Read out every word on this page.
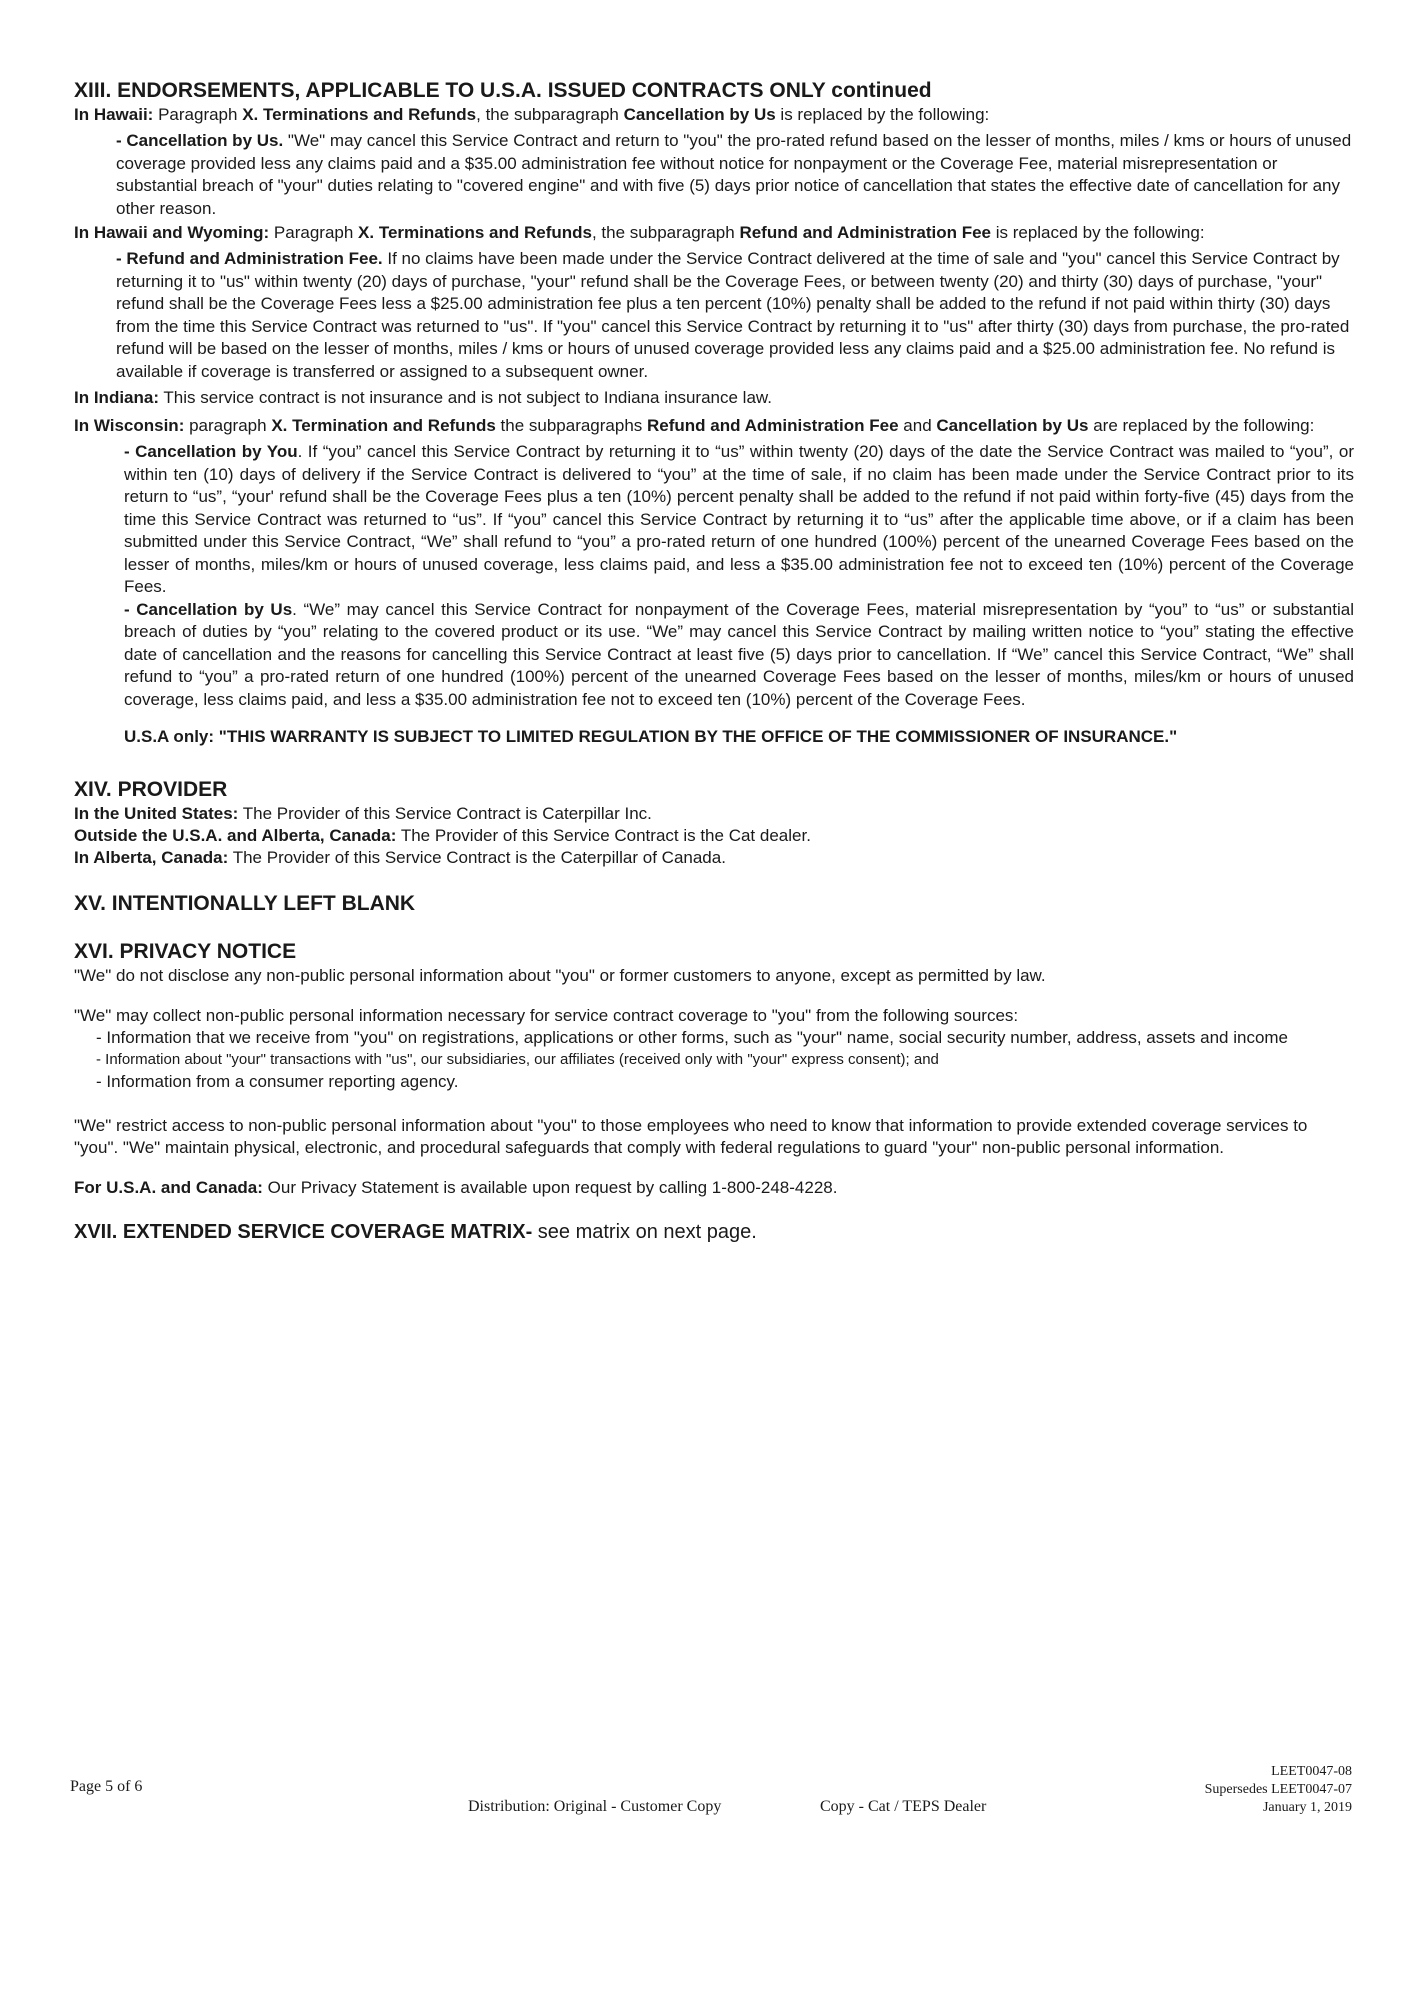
XIII. ENDORSEMENTS, APPLICABLE TO U.S.A. ISSUED CONTRACTS ONLY continued

In Hawaii: Paragraph X. Terminations and Refunds, the subparagraph Cancellation by Us is replaced by the following:

- Cancellation by Us. "We" may cancel this Service Contract and return to "you" the pro-rated refund based on the lesser of months, miles / kms or hours of unused coverage provided less any claims paid and a $35.00 administration fee without notice for nonpayment or the Coverage Fee, material misrepresentation or substantial breach of "your" duties relating to "covered engine" and with five (5) days prior notice of cancellation that states the effective date of cancellation for any other reason.

In Hawaii and Wyoming: Paragraph X. Terminations and Refunds, the subparagraph Refund and Administration Fee is replaced by the following:

- Refund and Administration Fee. If no claims have been made under the Service Contract delivered at the time of sale and "you" cancel this Service Contract by returning it to "us" within twenty (20) days of purchase, "your" refund shall be the Coverage Fees, or between twenty (20) and thirty (30) days of purchase, "your" refund shall be the Coverage Fees less a $25.00 administration fee plus a ten percent (10%) penalty shall be added to the refund if not paid within thirty (30) days from the time this Service Contract was returned to "us". If "you" cancel this Service Contract by returning it to "us" after thirty (30) days from purchase, the pro-rated refund will be based on the lesser of months, miles / kms or hours of unused coverage provided less any claims paid and a $25.00 administration fee. No refund is available if coverage is transferred or assigned to a subsequent owner.

In Indiana: This service contract is not insurance and is not subject to Indiana insurance law.

In Wisconsin: paragraph X. Termination and Refunds the subparagraphs Refund and Administration Fee and Cancellation by Us are replaced by the following:

- Cancellation by You. If “you” cancel this Service Contract by returning it to “us” within twenty (20) days of the date the Service Contract was mailed to “you”, or within ten (10) days of delivery if the Service Contract is delivered to “you” at the time of sale, if no claim has been made under the Service Contract prior to its return to “us”, “your' refund shall be the Coverage Fees plus a ten (10%) percent penalty shall be added to the refund if not paid within forty-five (45) days from the time this Service Contract was returned to “us”. If “you” cancel this Service Contract by returning it to “us” after the applicable time above, or if a claim has been submitted under this Service Contract, “We” shall refund to “you” a pro-rated return of one hundred (100%) percent of the unearned Coverage Fees based on the lesser of months, miles/km or hours of unused coverage, less claims paid, and less a $35.00 administration fee not to exceed ten (10%) percent of the Coverage Fees.

- Cancellation by Us. “We” may cancel this Service Contract for nonpayment of the Coverage Fees, material misrepresentation by “you” to “us” or substantial breach of duties by “you” relating to the covered product or its use. “We” may cancel this Service Contract by mailing written notice to “you” stating the effective date of cancellation and the reasons for cancelling this Service Contract at least five (5) days prior to cancellation. If “We” cancel this Service Contract, “We” shall refund to “you” a pro-rated return of one hundred (100%) percent of the unearned Coverage Fees based on the lesser of months, miles/km or hours of unused coverage, less claims paid, and less a $35.00 administration fee not to exceed ten (10%) percent of the Coverage Fees.

U.S.A only: "THIS WARRANTY IS SUBJECT TO LIMITED REGULATION BY THE OFFICE OF THE COMMISSIONER OF INSURANCE."

XIV. PROVIDER

In the United States: The Provider of this Service Contract is Caterpillar Inc.

Outside the U.S.A. and Alberta, Canada: The Provider of this Service Contract is the Cat dealer.

In Alberta, Canada: The Provider of this Service Contract is the Caterpillar of Canada.

XV. INTENTIONALLY LEFT BLANK
XVI. PRIVACY NOTICE

"We" do not disclose any non-public personal information about "you" or former customers to anyone, except as permitted by law.

"We" may collect non-public personal information necessary for service contract coverage to "you" from the following sources:

- Information that we receive from "you" on registrations, applications or other forms, such as "your" name, social security number, address, assets and income
- Information about "your" transactions with "us", our subsidiaries, our affiliates (received only with "your" express consent); and
- Information from a consumer reporting agency.

"We" restrict access to non-public personal information about "you" to those employees who need to know that information to provide extended coverage services to "you". "We" maintain physical, electronic, and procedural safeguards that comply with federal regulations to guard "your" non-public personal information.

For U.S.A. and Canada: Our Privacy Statement is available upon request by calling 1-800-248-4228.

XVII. EXTENDED SERVICE COVERAGE MATRIX- see matrix on next page.

Page 5 of 6
Distribution: Original - Customer Copy	Copy - Cat / TEPS Dealer
LEET0047-08
Supersedes LEET0047-07
January 1, 2019
